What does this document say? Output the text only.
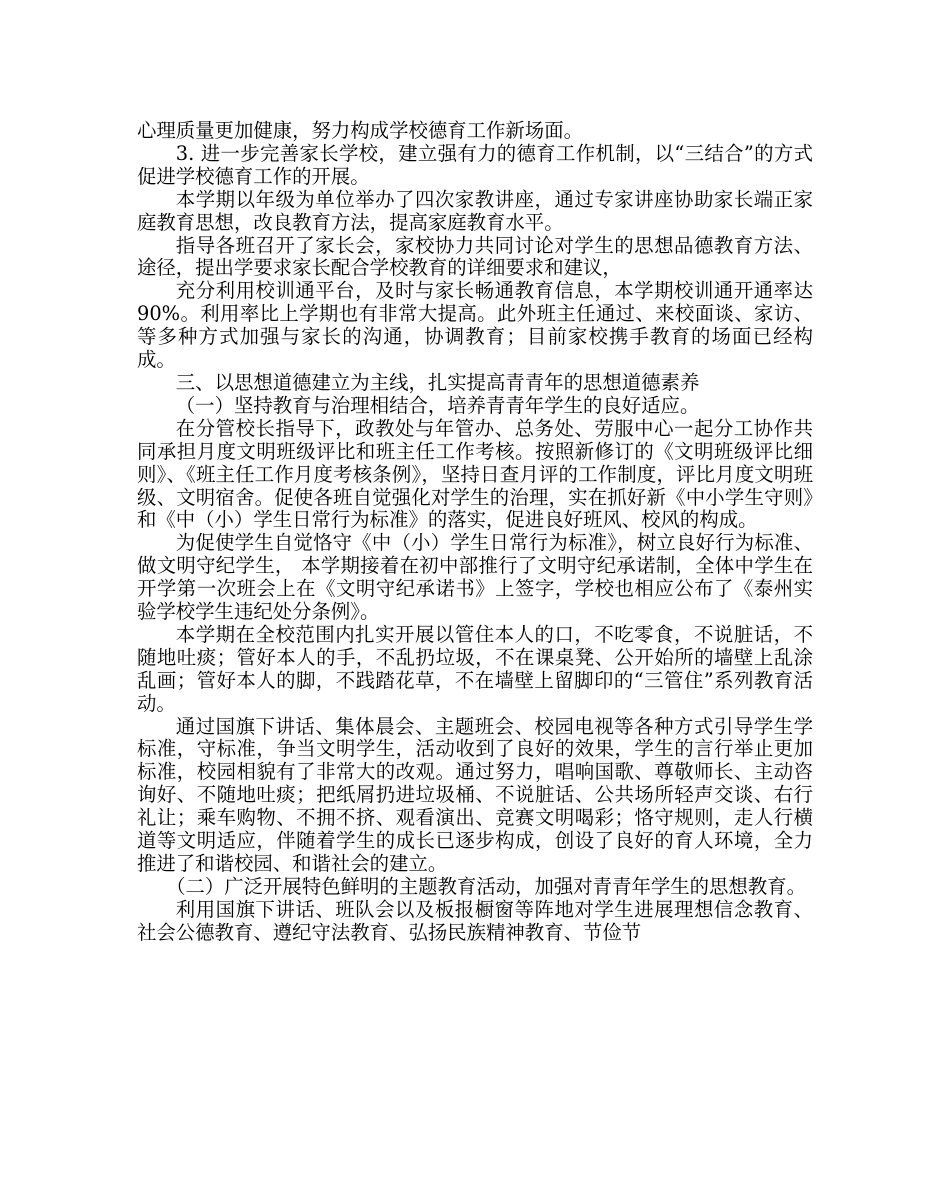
心理质量更加健康，努力构成学校德育工作新场面。

3. 进一步完善家长学校，建立强有力的德育工作机制，以“三结合”的方式促进学校德育工作的开展。

本学期以年级为单位举办了四次家教讲座，通过专家讲座协助家长端正家庭教育思想，改良教育方法，提高家庭教育水平。

指导各班召开了家长会，家校协力共同讨论对学生的思想品德教育方法、途径，提出学要求家长配合学校教育的详细要求和建议，

充分利用校训通平台，及时与家长畅通教育信息，本学期校训通开通率达 90%。利用率比上学期也有非常大提高。此外班主任通过、来校面谈、家访、等多种方式加强与家长的沟通，协调教育；目前家校携手教育的场面已经构成。

三、以思想道德建立为主线，扎实提高青青年的思想道德素养

（一）坚持教育与治理相结合，培养青青年学生的良好适应。

在分管校长指导下，政教处与年管办、总务处、劳服中心一起分工协作共同承担月度文明班级评比和班主任工作考核。按照新修订的《文明班级评比细则》、《班主任工作月度考核条例》，坚持日查月评的工作制度，评比月度文明班级、文明宿舍。促使各班自觉强化对学生的治理，实在抓好新《中小学生守则》和《中（小）学生日常行为标准》的落实，促进良好班风、校风的构成。

为促使学生自觉恪守《中（小）学生日常行为标准》，树立良好行为标准、做文明守纪学生， 本学期接着在初中部推行了文明守纪承诺制，全体中学生在开学第一次班会上在《文明守纪承诺书》上签字，学校也相应公布了《泰州实验学校学生违纪处分条例》。

本学期在全校范围内扎实开展以管住本人的口，不吃零食，不说脏话，不随地吐痰；管好本人的手，不乱扔垃圾，不在课桌凳、公开始所的墙壁上乱涂乱画；管好本人的脚，不践踏花草，不在墙壁上留脚印的“三管住”系列教育活动。

通过国旗下讲话、集体晨会、主题班会、校园电视等各种方式引导学生学标准，守标准，争当文明学生，活动收到了良好的效果，学生的言行举止更加标准，校园相貌有了非常大的改观。通过努力，唱响国歌、尊敬师长、主动咨询好、不随地吐痰；把纸屑扔进垃圾桶、不说脏话、公共场所轻声交谈、右行礼让；乘车购物、不拥不挤、观看演出、竞赛文明喝彩；恪守规则，走人行横道等文明适应，伴随着学生的成长已逐步构成，创设了良好的育人环境，全力推进了和谐校园、和谐社会的建立。

（二）广泛开展特色鲜明的主题教育活动，加强对青青年学生的思想教育。

利用国旗下讲话、班队会以及板报橱窗等阵地对学生进展理想信念教育、社会公德教育、遵纪守法教育、弘扬民族精神教育、节俭节
